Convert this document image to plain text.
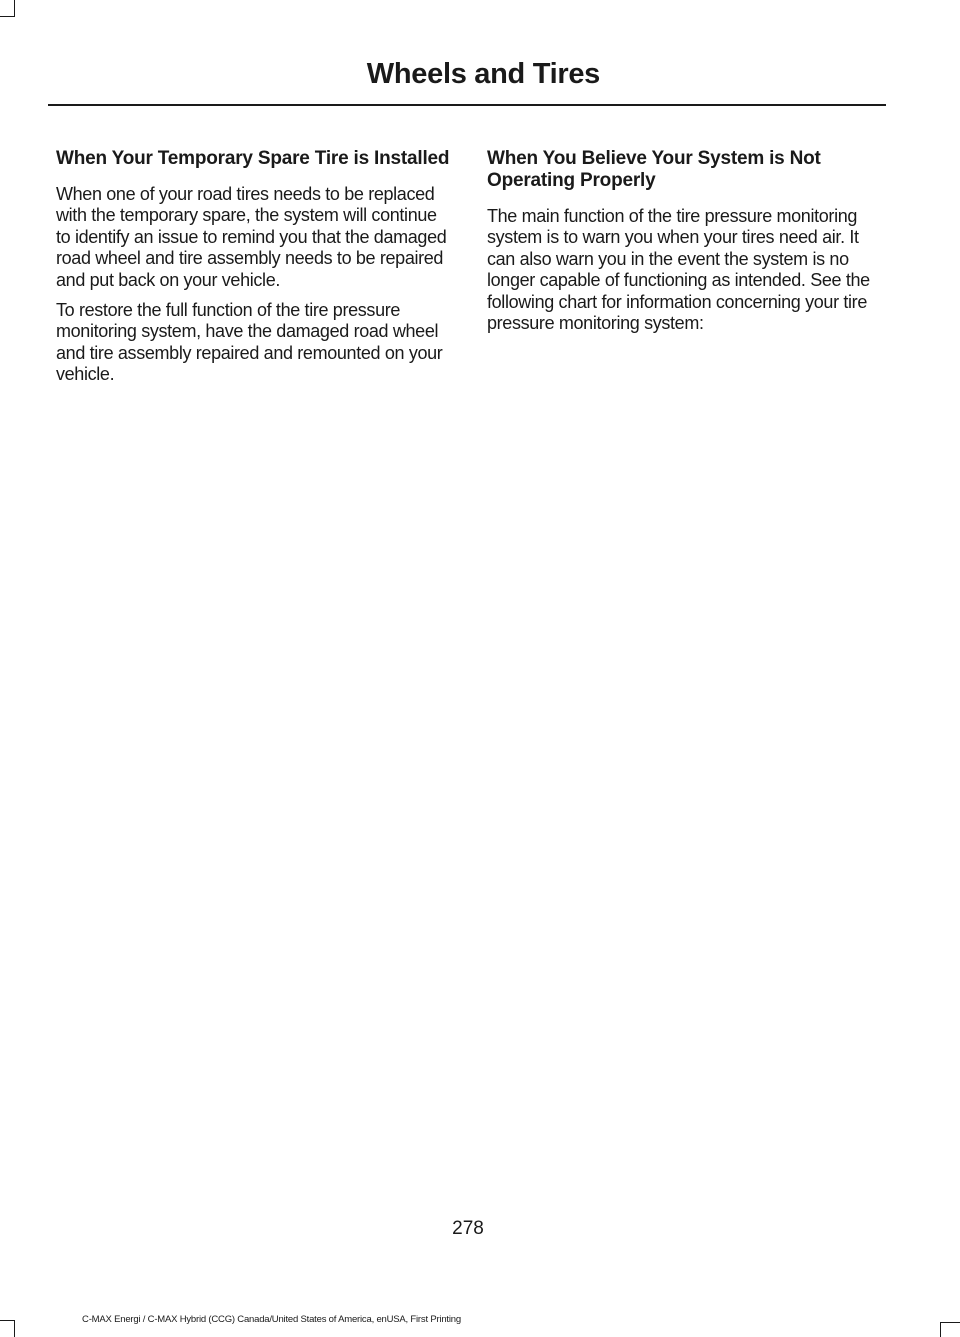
Wheels and Tires
When Your Temporary Spare Tire is Installed

When one of your road tires needs to be replaced with the temporary spare, the system will continue to identify an issue to remind you that the damaged road wheel and tire assembly needs to be repaired and put back on your vehicle.

To restore the full function of the tire pressure monitoring system, have the damaged road wheel and tire assembly repaired and remounted on your vehicle.

When You Believe Your System is Not Operating Properly

The main function of the tire pressure monitoring system is to warn you when your tires need air. It can also warn you in the event the system is no longer capable of functioning as intended. See the following chart for information concerning your tire pressure monitoring system:

278

C-MAX Energi / C-MAX Hybrid (CCG) Canada/United States of America, enUSA, First Printing
